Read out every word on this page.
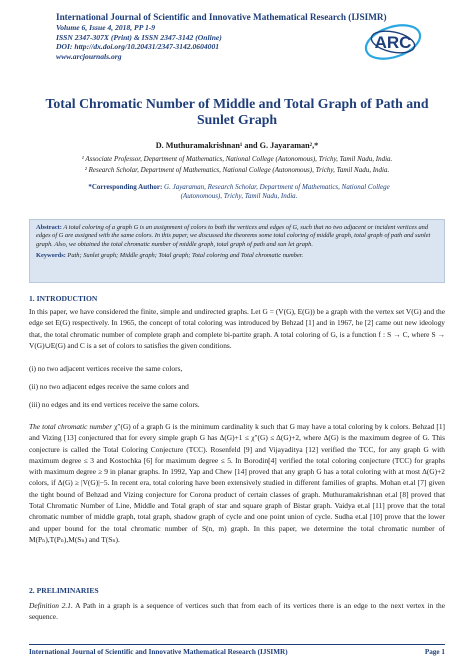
International Journal of Scientific and Innovative Mathematical Research (IJSIMR)
Volume 6, Issue 4, 2018, PP 1-9
ISSN 2347-307X (Print) & ISSN 2347-3142 (Online)
DOI: http://dx.doi.org/10.20431/2347-3142.0604001
www.arcjournals.org
ARC
Total Chromatic Number of Middle and Total Graph of Path and Sunlet Graph
D. Muthuramakrishnan¹ and G. Jayaraman²,*
¹ Associate Professor, Department of Mathematics, National College (Autonomous), Trichy, Tamil Nadu, India.
² Research Scholar, Department of Mathematics, National College (Autonomous), Trichy, Tamil Nadu, India.
*Corresponding Author: G. Jayaraman, Research Scholar, Department of Mathematics, National College (Autonomous), Trichy, Tamil Nadu, India.
Abstract: A total coloring of a graph G is an assignment of colors to both the vertices and edges of G, such that no two adjacent or incident vertices and edges of G are assigned with the same colors. In this paper, we discussed the theorems some total coloring of middle graph, total graph of path and sunlet graph. Also, we obtained the total chromatic number of middle graph, total graph of path and sun let graph.
Keywords: Path; Sunlet graph; Middle graph; Total graph; Total coloring and Total chromatic number.
1. INTRODUCTION
In this paper, we have considered the finite, simple and undirected graphs. Let G = (V(G), E(G)) be a graph with the vertex set V(G) and the edge set E(G) respectively. In 1965, the concept of total coloring was introduced by Behzad [1] and in 1967, he [2] came out new ideology that, the total chromatic number of complete graph and complete bi-partite graph. A total coloring of G, is a function f : S → C, where S → V(G)∪E(G) and C is a set of colors to satisfies the given conditions.
(i) no two adjacent vertices receive the same colors,
(ii) no two adjacent edges receive the same colors and
(iii) no edges and its end vertices receive the same colors.
The total chromatic number χ″(G) of a graph G is the minimum cardinality k such that G may have a total coloring by k colors. Behzad [1] and Vizing [13] conjectured that for every simple graph G has Δ(G)+1 ≤ χ″(G) ≤ Δ(G)+2, where Δ(G) is the maximum degree of G. This conjecture is called the Total Coloring Conjecture (TCC). Rosenfeld [9] and Vijayaditya [12] verified the TCC, for any graph G with maximum degree ≤ 3 and Kostochka [6] for maximum degree ≤ 5. In Borodin[4] verified the total coloring conjecture (TCC) for graphs with maximum degree ≥ 9 in planar graphs. In 1992, Yap and Chew [14] proved that any graph G has a total coloring with at most Δ(G)+2 colors, if Δ(G) ≥ |V(G)|−5. In recent era, total coloring have been extensively studied in different families of graphs. Mohan et.al [7] given the tight bound of Behzad and Vizing conjecture for Corona product of certain classes of graph. Muthuramakrishnan et.al [8] proved that Total Chromatic Number of Line, Middle and Total graph of star and square graph of Bistar graph. Vaidya et.al [11] prove that the total chromatic number of middle graph, total graph, shadow graph of cycle and one point union of cycle. Sudha et.al [10] prove that the lower and upper bound for the total chromatic number of S(n, m) graph. In this paper, we determine the total chromatic number of M(Pₙ),T(Pₙ),M(Sₙ) and T(Sₙ).
2. PRELIMINARIES
Definition 2.1. A Path in a graph is a sequence of vertices such that from each of its vertices there is an edge to the next vertex in the sequence.
International Journal of Scientific and Innovative Mathematical Research (IJSIMR)	Page 1
